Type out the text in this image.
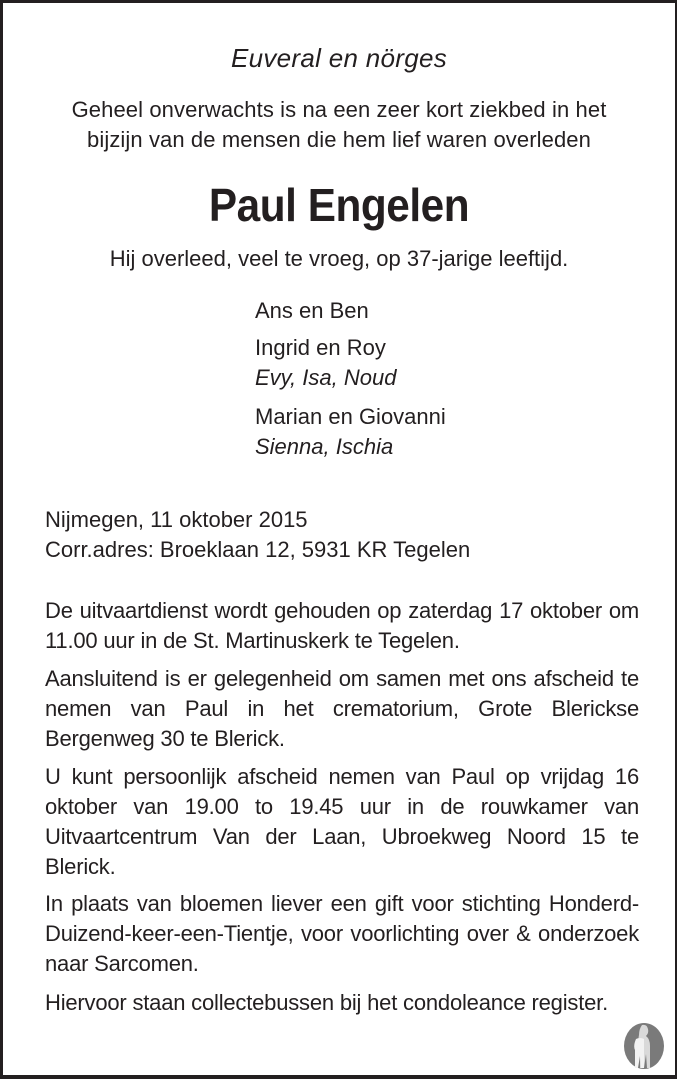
Euveral en nörges
Geheel onverwachts is na een zeer kort ziekbed in het
bijzijn van de mensen die hem lief waren overleden
Paul Engelen
Hij overleed, veel te vroeg, op 37-jarige leeftijd.
Ans en Ben
Ingrid en Roy
Evy, Isa, Noud
Marian en Giovanni
Sienna, Ischia
Nijmegen, 11 oktober 2015
Corr.adres: Broeklaan 12, 5931 KR Tegelen
De uitvaartdienst wordt gehouden op zaterdag 17 oktober om 11.00 uur in de St. Martinuskerk te Tegelen.
Aansluitend is er gelegenheid om samen met ons afscheid te nemen van Paul in het crematorium, Grote Blerickse Bergenweg 30 te Blerick.
U kunt persoonlijk afscheid nemen van Paul op vrijdag 16 oktober van 19.00 to 19.45 uur in de rouwkamer van Uitvaartcentrum Van der Laan, Ubroekweg Noord 15 te Blerick.
In plaats van bloemen liever een gift voor stichting Honderd-Duizend-keer-een-Tientje, voor voorlichting over & onderzoek naar Sarcomen.
Hiervoor staan collectebussen bij het condoleance register.
